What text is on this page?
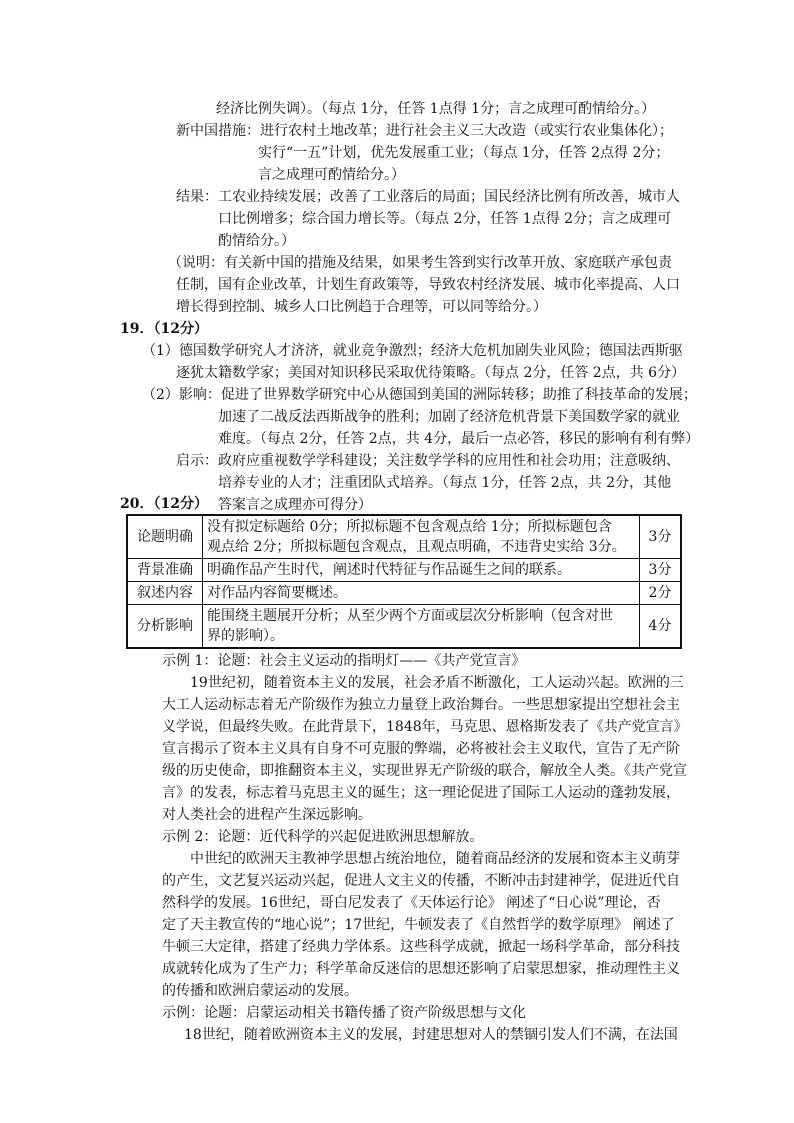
经济比例失调）。（每点 1分，任答 1点得 1分；言之成理可酌情给分。）
新中国措施：进行农村土地改革；进行社会主义三大改造（或实行农业集体化）；
实行“一五”计划，优先发展重工业；（每点 1分，任答 2点得 2分；
言之成理可酌情给分。）
结果：工农业持续发展；改善了工业落后的局面；国民经济比例有所改善，城市人
口比例增多；综合国力增长等。（每点 2分，任答 1点得 2分；言之成理可
酌情给分。）
（说明：有关新中国的措施及结果，如果考生答到实行改革开放、家庭联产承包责
任制，国有企业改革，计划生育政策等，导致农村经济发展、城市化率提高、人口
增长得到控制、城乡人口比例趋于合理等，可以同等给分。）
19．（12分）
（1）德国数学研究人才济济，就业竞争激烈；经济大危机加剧失业风险；德国法西斯驱
逐犹太籍数学家；美国对知识移民采取优待策略。（每点 2分，任答 2点，共 6分）
（2）影响：促进了世界数学研究中心从德国到美国的洲际转移；助推了科技革命的发展；
加速了二战反法西斯战争的胜利；加剧了经济危机背景下美国数学家的就业
难度。（每点 2分，任答 2点，共 4分，最后一点必答，移民的影响有利有弊）
启示：政府应重视数学学科建设；关注数学学科的应用性和社会功用；注意吸纳、
培养专业的人才；注重团队式培养。（每点 1分，任答 2点，共 2分，其他
答案言之成理亦可得分）
20．（12分）
论题明确	没有拟定标题给 0分；所拟标题不包含观点给 1分；所拟标题包含
观点给 2分；所拟标题包含观点，且观点明确，不违背史实给 3分。	3分
背景准确	明确作品产生时代，阐述时代特征与作品诞生之间的联系。	3分
叙述内容	对作品内容简要概述。	2分
分析影响	能围绕主题展开分析；从至少两个方面或层次分析影响（包含对世
界的影响）。	4分
示例 1：论题：社会主义运动的指明灯——《共产党宣言》
19世纪初，随着资本主义的发展，社会矛盾不断激化，工人运动兴起。欧洲的三
大工人运动标志着无产阶级作为独立力量登上政治舞台。一些思想家提出空想社会主
义学说，但最终失败。在此背景下，1848年，马克思、恩格斯发表了《共产党宣言》
宣言揭示了资本主义具有自身不可克服的弊端，必将被社会主义取代，宣告了无产阶
级的历史使命，即推翻资本主义，实现世界无产阶级的联合，解放全人类。《共产党宣
言》的发表，标志着马克思主义的诞生；这一理论促进了国际工人运动的蓬勃发展，
对人类社会的进程产生深远影响。
示例 2：论题：近代科学的兴起促进欧洲思想解放。
中世纪的欧洲天主教神学思想占统治地位，随着商品经济的发展和资本主义萌芽
的产生，文艺复兴运动兴起，促进人文主义的传播，不断冲击封建神学，促进近代自
然科学的发展。16世纪，哥白尼发表了《天体运行论》 阐述了“日心说”理论，否
定了天主教宣传的“地心说”；17世纪，牛顿发表了《自然哲学的数学原理》 阐述了
牛顿三大定律，搭建了经典力学体系。这些科学成就，掀起一场科学革命，部分科技
成就转化成为了生产力；科学革命反迷信的思想还影响了启蒙思想家，推动理性主义
的传播和欧洲启蒙运动的发展。
示例：论题：启蒙运动相关书籍传播了资产阶级思想与文化
18世纪，随着欧洲资本主义的发展，封建思想对人的禁锢引发人们不满，在法国
